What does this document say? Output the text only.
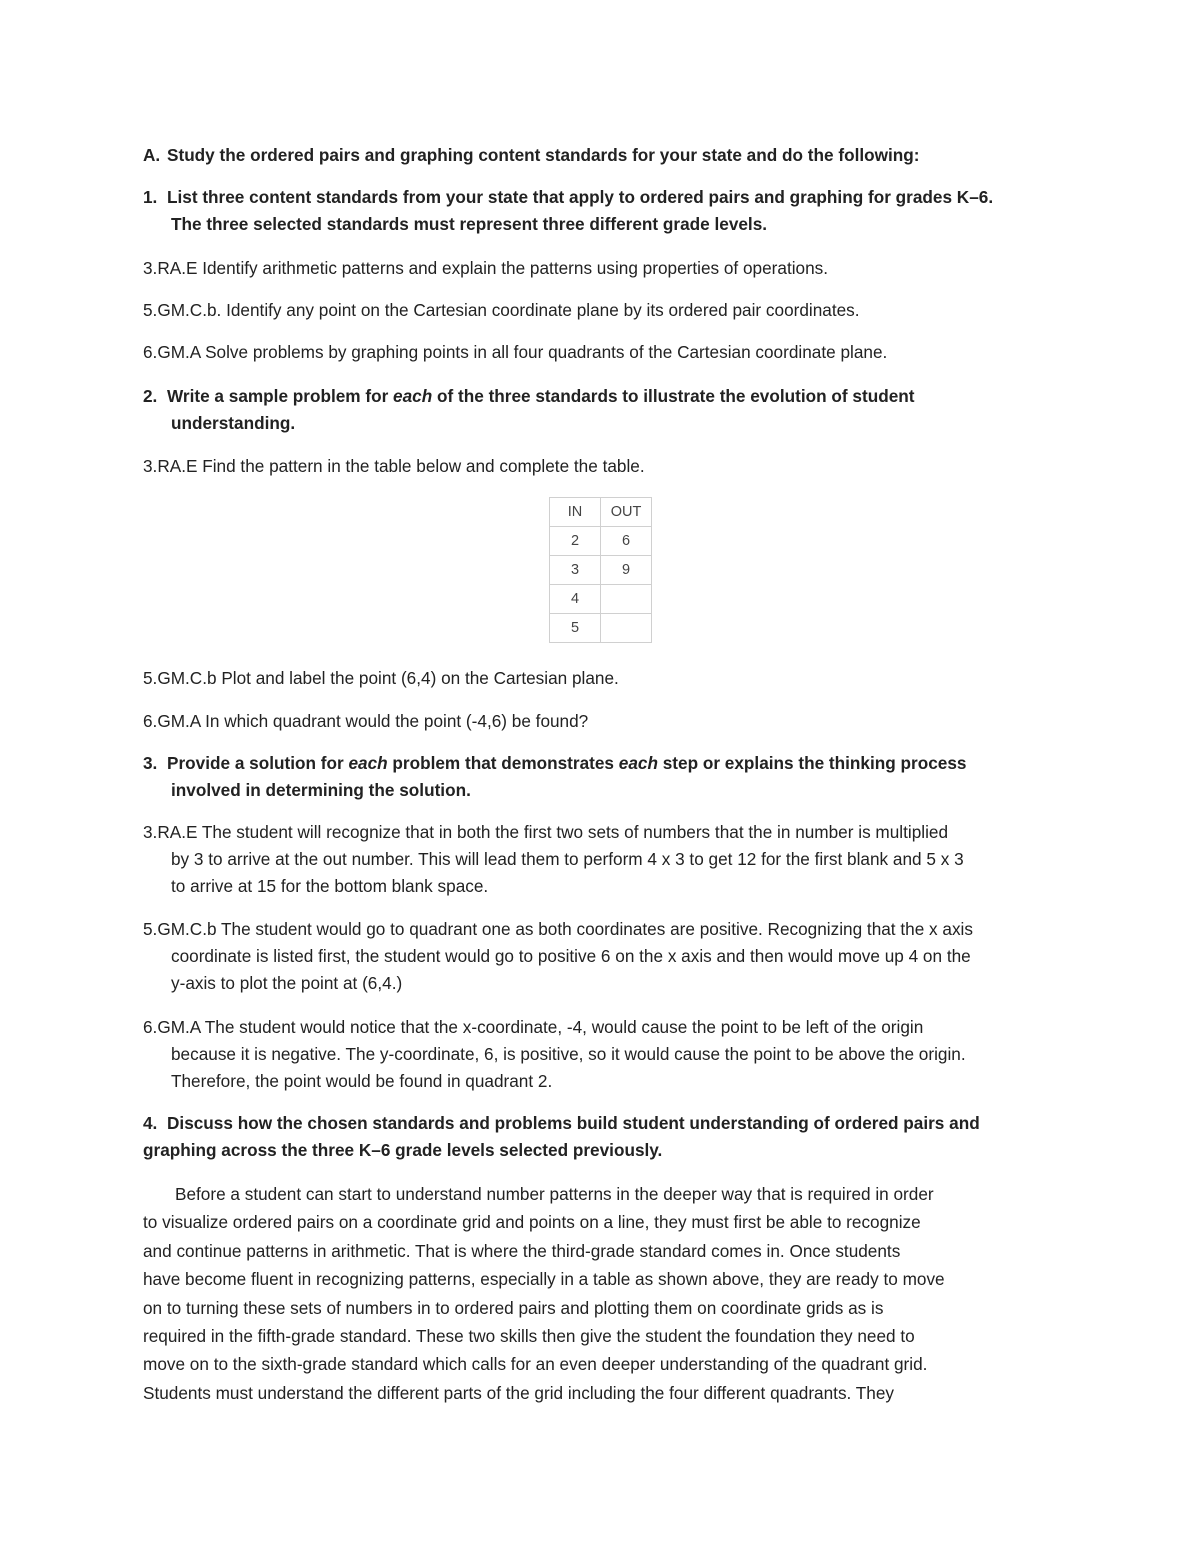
A. Study the ordered pairs and graphing content standards for your state and do the following:
1. List three content standards from your state that apply to ordered pairs and graphing for grades K–6.
The three selected standards must represent three different grade levels.
3.RA.E Identify arithmetic patterns and explain the patterns using properties of operations.
5.GM.C.b. Identify any point on the Cartesian coordinate plane by its ordered pair coordinates.
6.GM.A Solve problems by graphing points in all four quadrants of the Cartesian coordinate plane.
2. Write a sample problem for each of the three standards to illustrate the evolution of student
understanding.
3.RA.E Find the pattern in the table below and complete the table.
IN	OUT
2	6
3	9
4	
5	
5.GM.C.b Plot and label the point (6,4) on the Cartesian plane.
6.GM.A In which quadrant would the point (-4,6) be found?
3. Provide a solution for each problem that demonstrates each step or explains the thinking process
involved in determining the solution.
3.RA.E The student will recognize that in both the first two sets of numbers that the in number is multiplied
by 3 to arrive at the out number. This will lead them to perform 4 x 3 to get 12 for the first blank and 5 x 3
to arrive at 15 for the bottom blank space.
5.GM.C.b The student would go to quadrant one as both coordinates are positive. Recognizing that the x axis
coordinate is listed first, the student would go to positive 6 on the x axis and then would move up 4 on the
y-axis to plot the point at (6,4.)
6.GM.A The student would notice that the x-coordinate, -4, would cause the point to be left of the origin
because it is negative. The y-coordinate, 6, is positive, so it would cause the point to be above the origin.
Therefore, the point would be found in quadrant 2.
4. Discuss how the chosen standards and problems build student understanding of ordered pairs and
graphing across the three K–6 grade levels selected previously.
Before a student can start to understand number patterns in the deeper way that is required in order
to visualize ordered pairs on a coordinate grid and points on a line, they must first be able to recognize
and continue patterns in arithmetic. That is where the third-grade standard comes in. Once students
have become fluent in recognizing patterns, especially in a table as shown above, they are ready to move
on to turning these sets of numbers in to ordered pairs and plotting them on coordinate grids as is
required in the fifth-grade standard. These two skills then give the student the foundation they need to
move on to the sixth-grade standard which calls for an even deeper understanding of the quadrant grid.
Students must understand the different parts of the grid including the four different quadrants. They
